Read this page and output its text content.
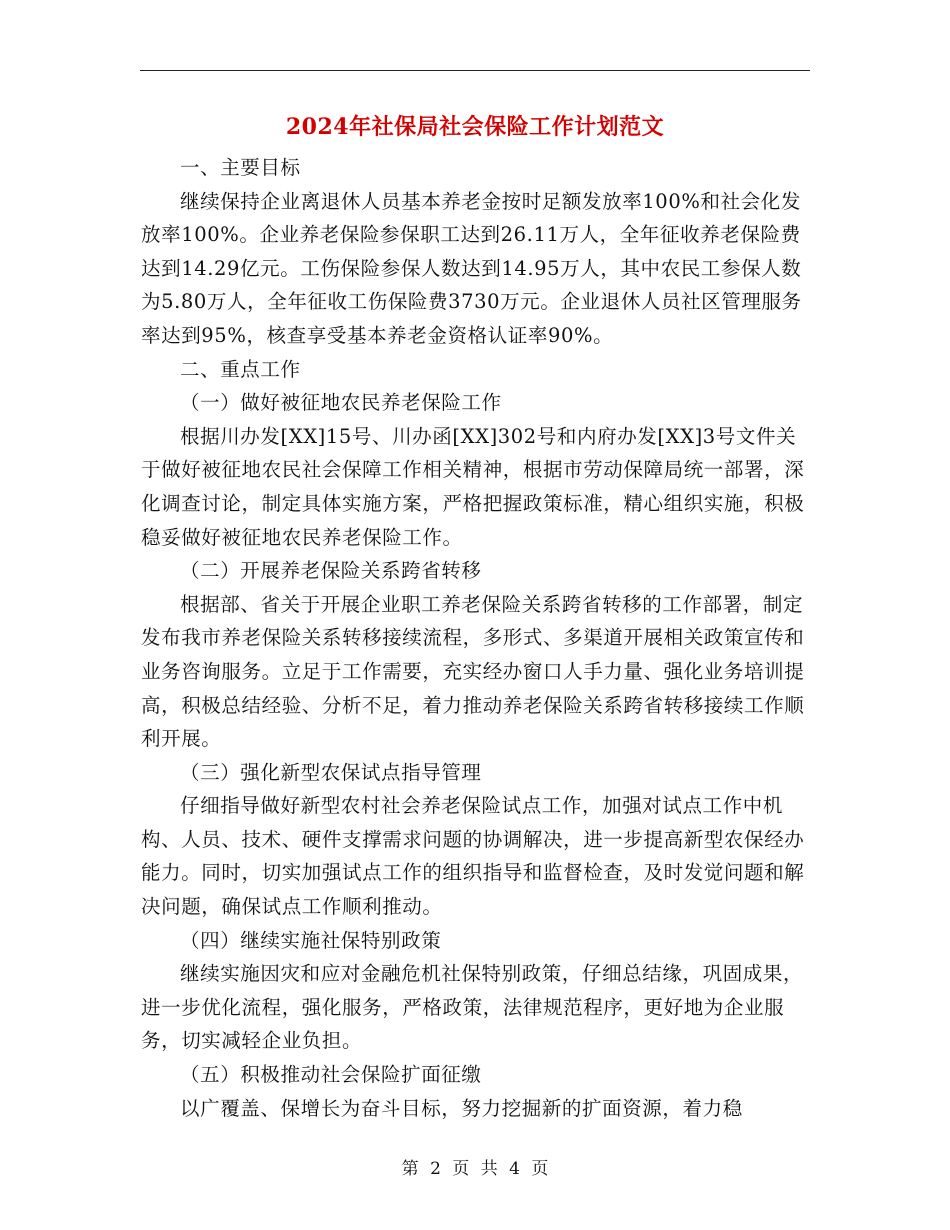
2024年社保局社会保险工作计划范文

一、主要目标

继续保持企业离退休人员基本养老金按时足额发放率100%和社会化发放率100%。企业养老保险参保职工达到26.11万人，全年征收养老保险费达到14.29亿元。工伤保险参保人数达到14.95万人，其中农民工参保人数为5.80万人，全年征收工伤保险费3730万元。企业退休人员社区管理服务率达到95%，核查享受基本养老金资格认证率90%。

二、重点工作

（一）做好被征地农民养老保险工作

根据川办发[XX]15号、川办函[XX]302号和内府办发[XX]3号文件关于做好被征地农民社会保障工作相关精神，根据市劳动保障局统一部署，深化调查讨论，制定具体实施方案，严格把握政策标准，精心组织实施，积极稳妥做好被征地农民养老保险工作。

（二）开展养老保险关系跨省转移

根据部、省关于开展企业职工养老保险关系跨省转移的工作部署，制定发布我市养老保险关系转移接续流程，多形式、多渠道开展相关政策宣传和业务咨询服务。立足于工作需要，充实经办窗口人手力量、强化业务培训提高，积极总结经验、分析不足，着力推动养老保险关系跨省转移接续工作顺利开展。

（三）强化新型农保试点指导管理

仔细指导做好新型农村社会养老保险试点工作，加强对试点工作中机构、人员、技术、硬件支撑需求问题的协调解决，进一步提高新型农保经办能力。同时，切实加强试点工作的组织指导和监督检查，及时发觉问题和解决问题，确保试点工作顺利推动。

（四）继续实施社保特别政策

继续实施因灾和应对金融危机社保特别政策，仔细总结缘，巩固成果，进一步优化流程，强化服务，严格政策，法律规范程序，更好地为企业服务，切实减轻企业负担。

（五）积极推动社会保险扩面征缴

以广覆盖、保增长为奋斗目标，努力挖掘新的扩面资源，着力稳

第 2 页 共 4 页
